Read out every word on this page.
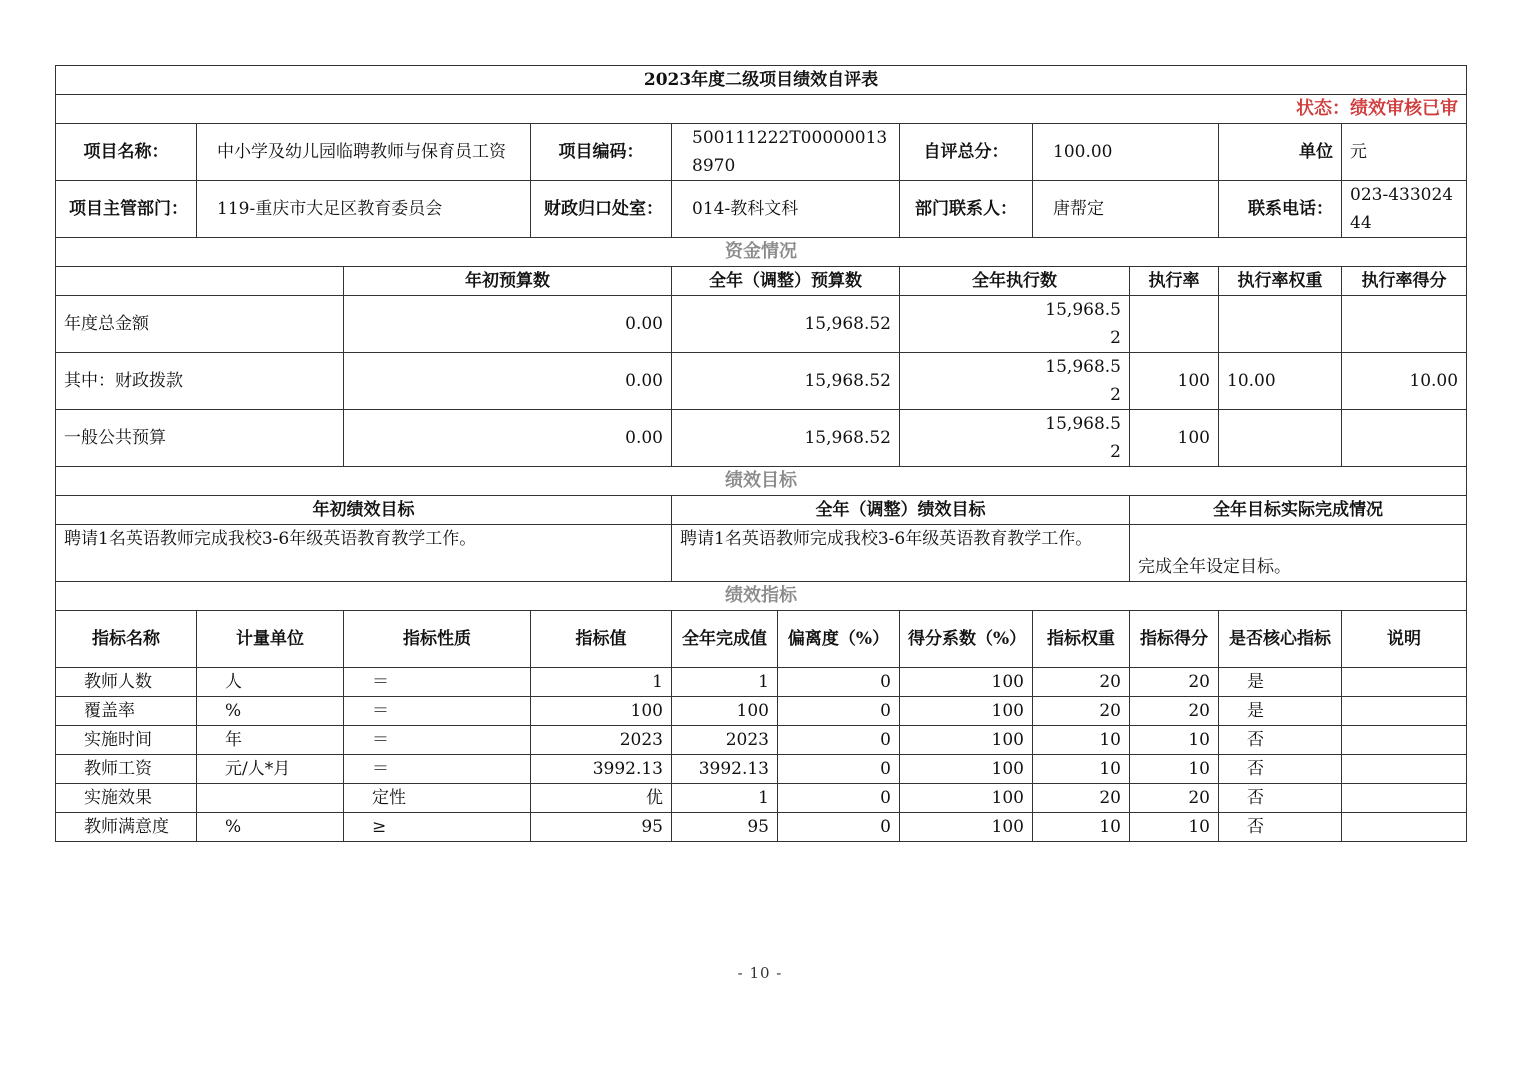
2023年度二级项目绩效自评表										
状态：绩效审核已审										
项目名称：	中小学及幼儿园临聘教师与保育员工资		项目编码：	500111222T000000138970		自评总分：	100.00		单位	元
项目主管部门：	119-重庆市大足区教育委员会		财政归口处室：	014-教科文科		部门联系人：	唐帮定		联系电话：	023-43302444
资金情况										
		年初预算数		全年（调整）预算数		全年执行数		执行率	执行率权重	执行率得分
年度总金额		0.00		15,968.52		15,968.52				
其中：财政拨款		0.00		15,968.52		15,968.52		100	10.00	10.00
一般公共预算		0.00		15,968.52		15,968.52		100		
绩效目标										
年初绩效目标				全年（调整）绩效目标				全年目标实际完成情况		
聘请1名英语教师完成我校3-6年级英语教育教学工作。				聘请1名英语教师完成我校3-6年级英语教育教学工作。				完成全年设定目标。		
绩效指标										
指标名称	计量单位	指标性质	指标值	全年完成值	偏离度（%）	得分系数（%）	指标权重	指标得分	是否核心指标	说明
教师人数	人	＝	1	1	0	100	20	20	是	
覆盖率	%	＝	100	100	0	100	20	20	是	
实施时间	年	＝	2023	2023	0	100	10	10	否	
教师工资	元/人*月	＝	3992.13	3992.13	0	100	10	10	否	
实施效果		定性	优	1	0	100	20	20	否	
教师满意度	%	≥	95	95	0	100	10	10	否	
- 10 -
